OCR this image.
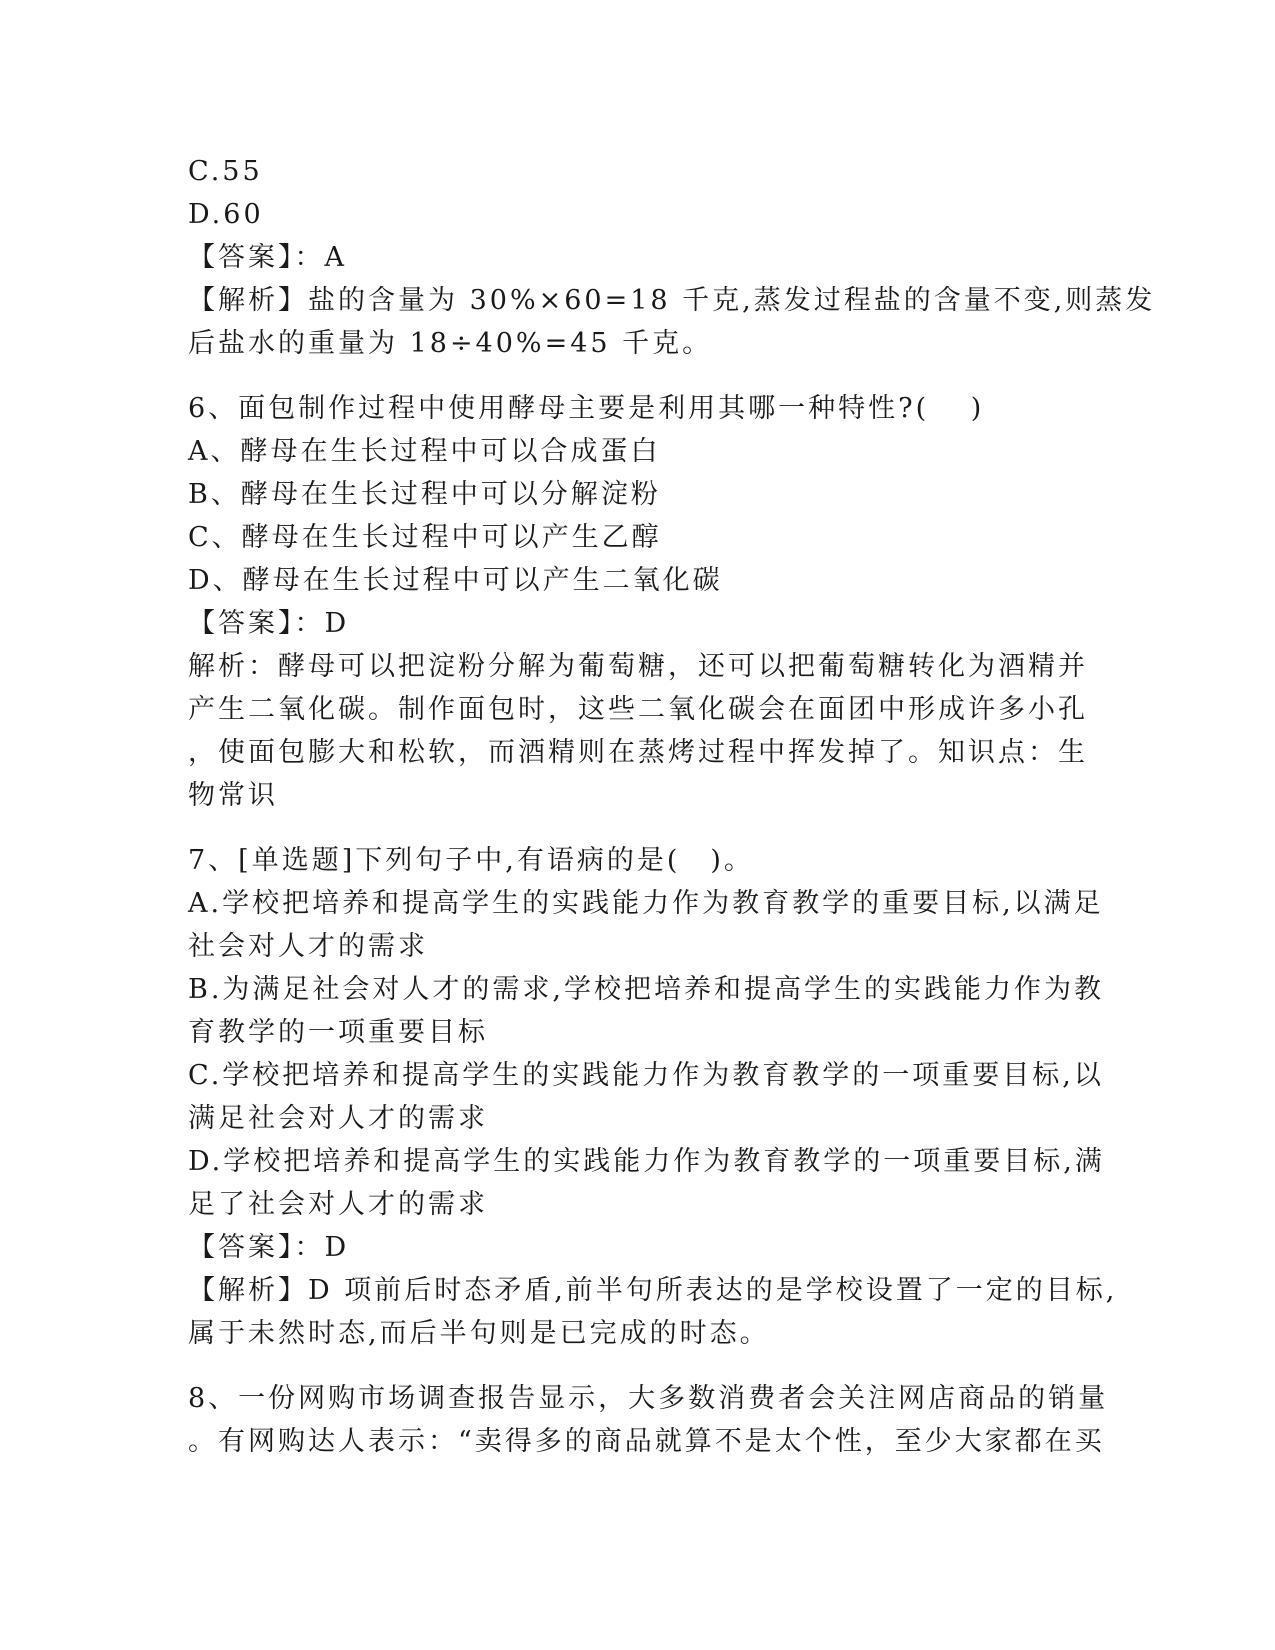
C.55
D.60
【答案】：A
【解析】盐的含量为 30%×60=18 千克,蒸发过程盐的含量不变,则蒸发
后盐水的重量为 18÷40%=45 千克。
6、面包制作过程中使用酵母主要是利用其哪一种特性?(　 )
A、酵母在生长过程中可以合成蛋白
B、酵母在生长过程中可以分解淀粉
C、酵母在生长过程中可以产生乙醇
D、酵母在生长过程中可以产生二氧化碳
【答案】：D
解析：酵母可以把淀粉分解为葡萄糖，还可以把葡萄糖转化为酒精并
产生二氧化碳。制作面包时，这些二氧化碳会在面团中形成许多小孔
，使面包膨大和松软，而酒精则在蒸烤过程中挥发掉了。知识点：生
物常识
7、[单选题]下列句子中,有语病的是(　)。
A.学校把培养和提高学生的实践能力作为教育教学的重要目标,以满足
社会对人才的需求
B.为满足社会对人才的需求,学校把培养和提高学生的实践能力作为教
育教学的一项重要目标
C.学校把培养和提高学生的实践能力作为教育教学的一项重要目标,以
满足社会对人才的需求
D.学校把培养和提高学生的实践能力作为教育教学的一项重要目标,满
足了社会对人才的需求
【答案】：D
【解析】D 项前后时态矛盾,前半句所表达的是学校设置了一定的目标,
属于未然时态,而后半句则是已完成的时态。
8、一份网购市场调查报告显示，大多数消费者会关注网店商品的销量
。有网购达人表示：“卖得多的商品就算不是太个性，至少大家都在买
